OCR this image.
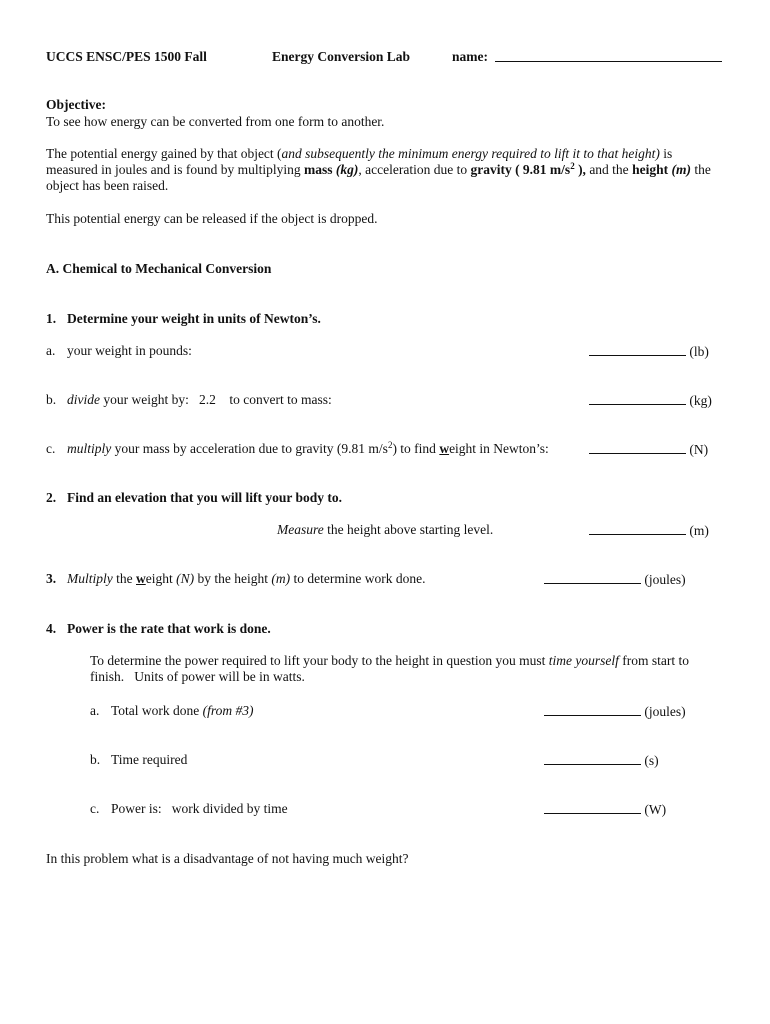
UCCS ENSC/PES 1500 Fall	Energy Conversion Lab	name:
Objective:
To see how energy can be converted from one form to another.
The potential energy gained by that object (and subsequently the minimum energy required to lift it to that height) is measured in joules and is found by multiplying mass (kg), acceleration due to gravity ( 9.81 $m/s^2$ ), and the height (m) the object has been raised.
This potential energy can be released if the object is dropped.
A. Chemical to Mechanical Conversion
1. Determine your weight in units of Newton’s.
a. your weight in pounds:	(lb)
b. divide your weight by:   2.2    to convert to mass:	(kg)
c. multiply your mass by acceleration due to gravity (9.81 $m/s^2$) to find weight in Newton’s:	(N)
2. Find an elevation that you will lift your body to.
Measure the height above starting level.	(m)
3. Multiply the weight (N) by the height (m) to determine work done.	(joules)
4. Power is the rate that work is done.
To determine the power required to lift your body to the height in question you must time yourself from start to finish.   Units of power will be in watts.
a. Total work done (from #3)	(joules)
b. Time required	(s)
c. Power is:   work divided by time	(W)
In this problem what is a disadvantage of not having much weight?
